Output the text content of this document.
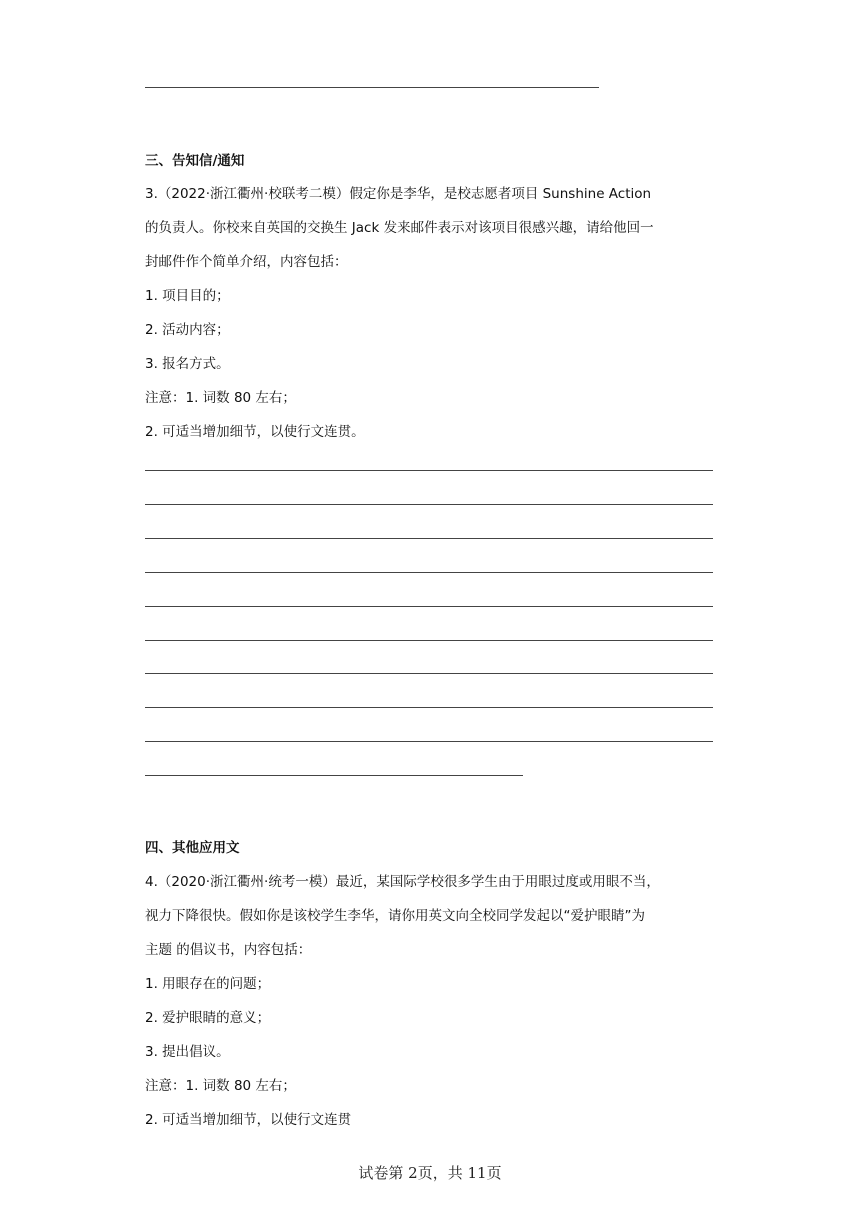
三、告知信/通知
3.（2022·浙江衢州·校联考二模）假定你是李华，是校志愿者项目 Sunshine Action
的负责人。你校来自英国的交换生 Jack 发来邮件表示对该项目很感兴趣，请给他回一
封邮件作个简单介绍，内容包括：
1. 项目目的；
2. 活动内容；
3. 报名方式。
注意：1. 词数 80 左右；
2. 可适当增加细节，以使行文连贯。
四、其他应用文
4.（2020·浙江衢州·统考一模）最近，某国际学校很多学生由于用眼过度或用眼不当，
视力下降很快。假如你是该校学生李华，请你用英文向全校同学发起以“爱护眼睛”为
主题 的倡议书，内容包括：
1. 用眼存在的问题；
2. 爱护眼睛的意义；
3. 提出倡议。
注意：1. 词数 80 左右；
2. 可适当增加细节，以使行文连贯
试卷第 2页，共 11页
